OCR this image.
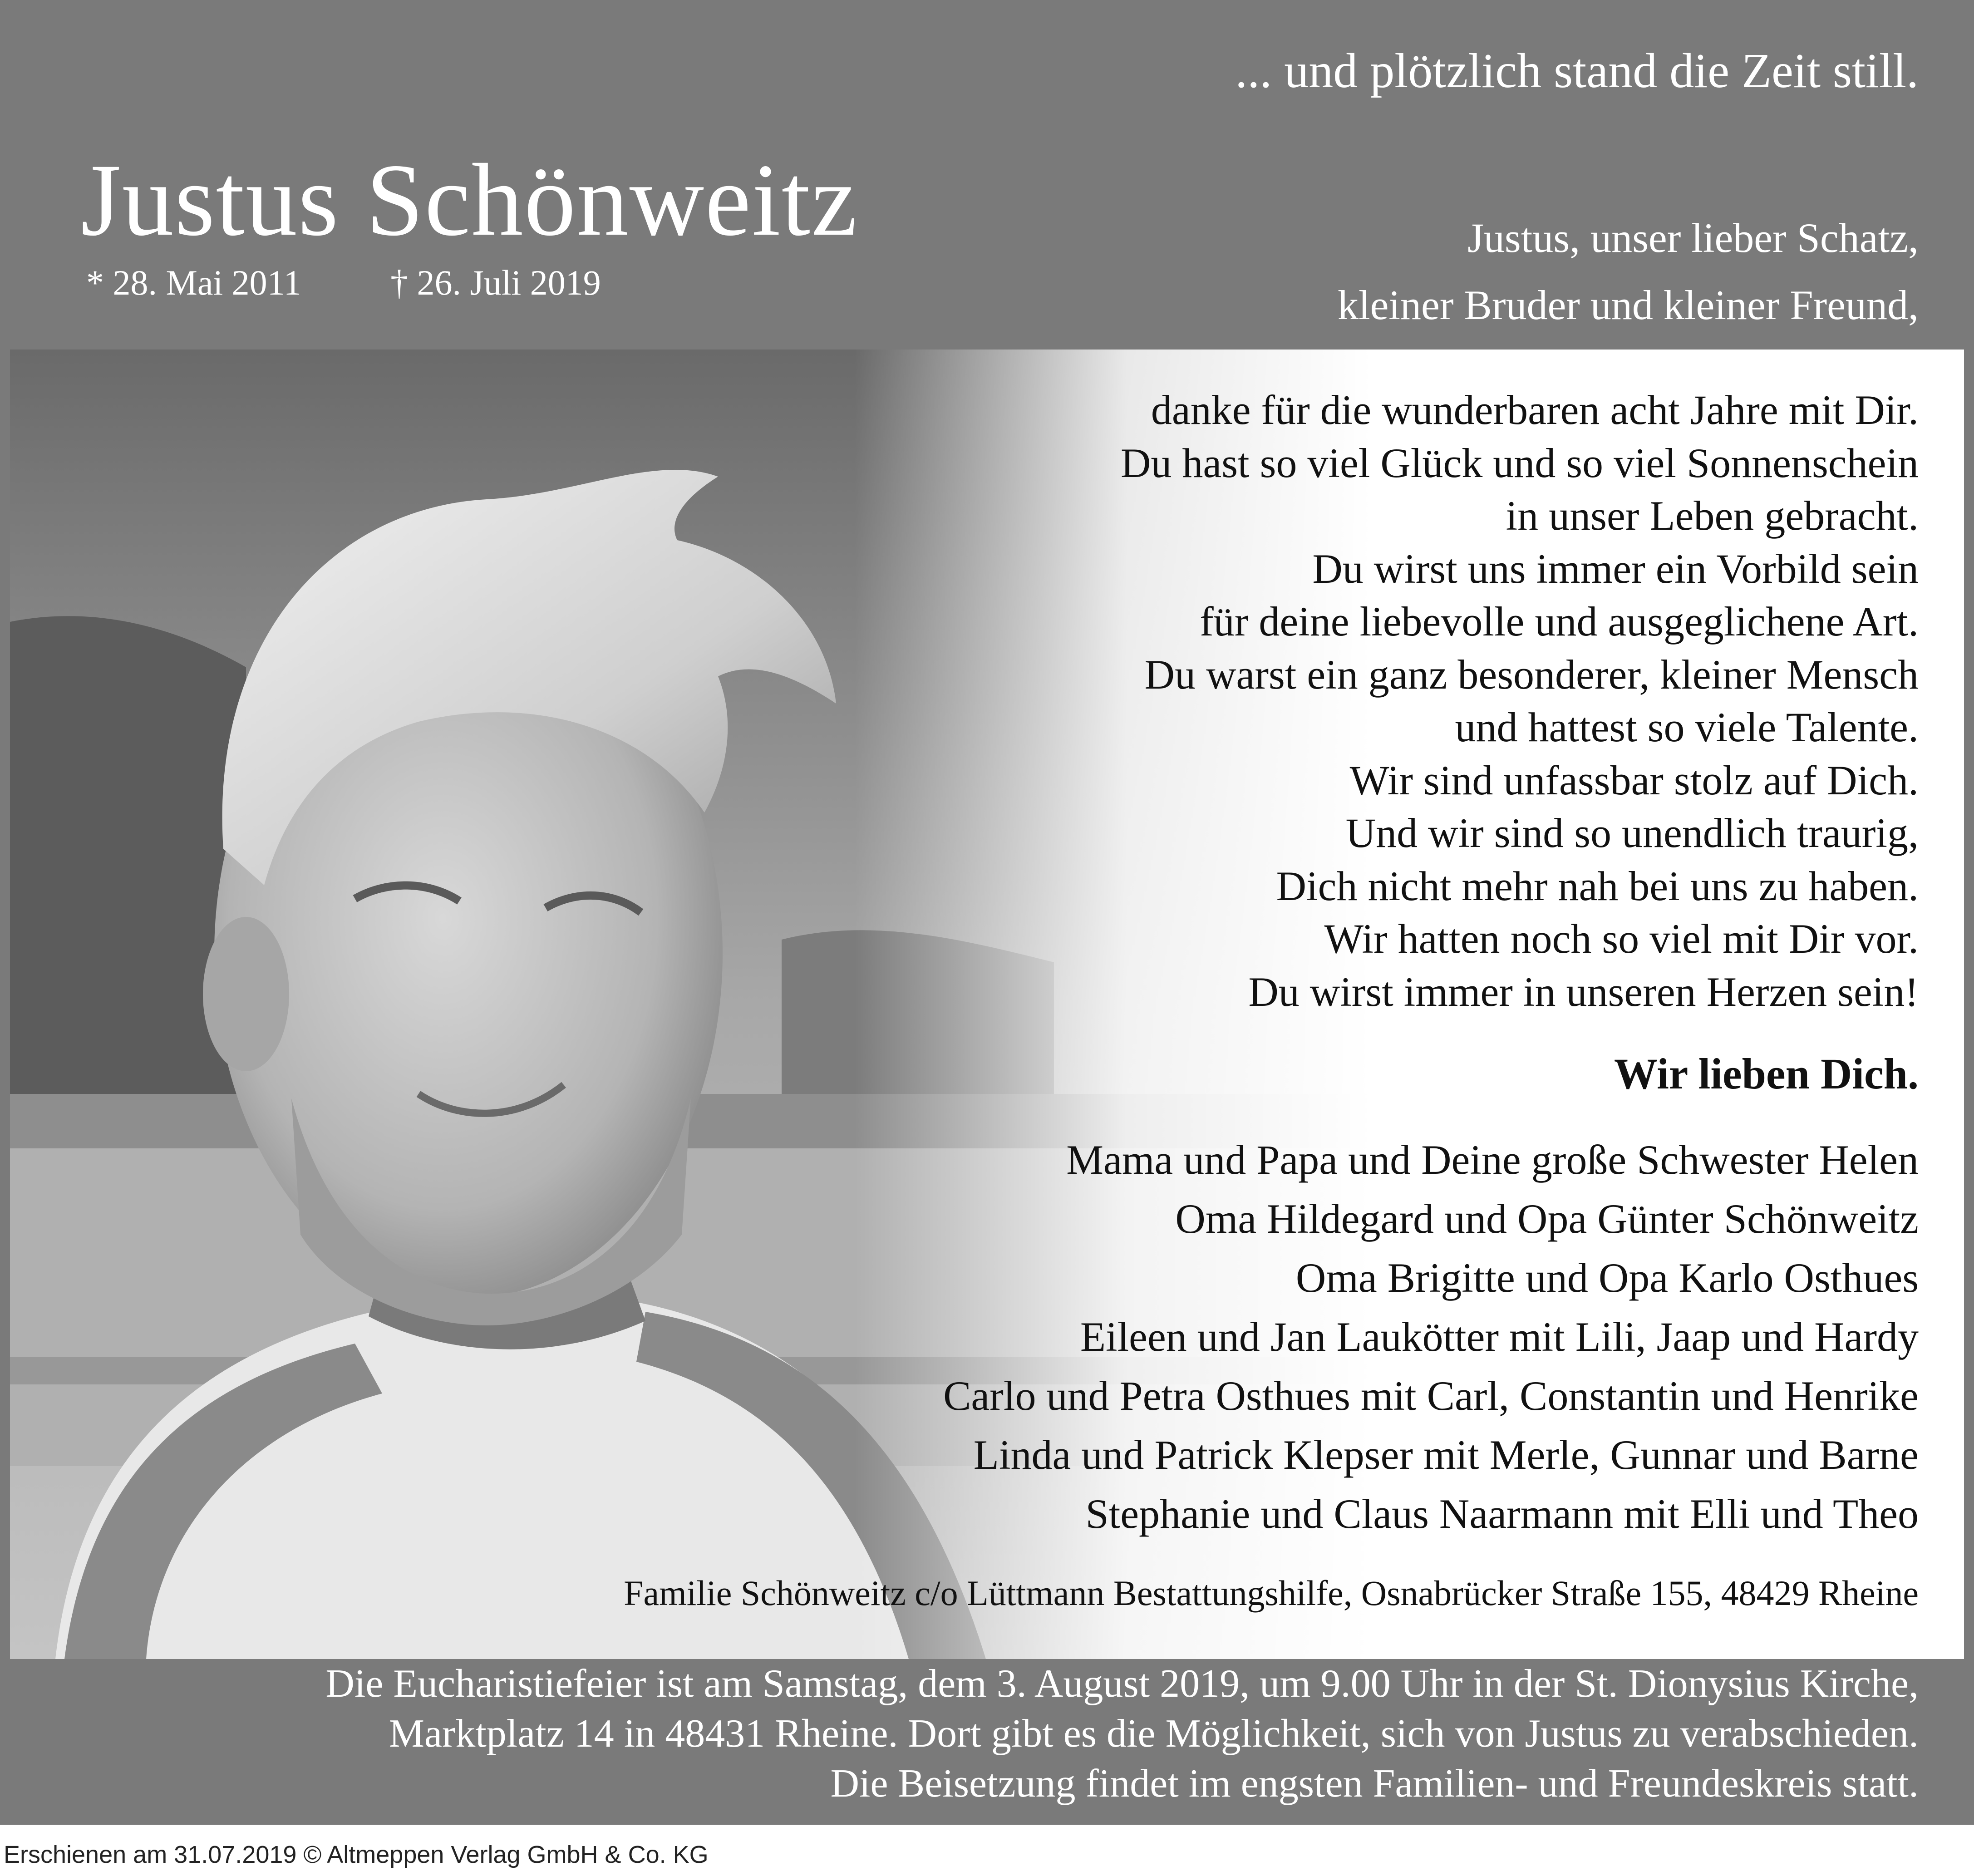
... und plötzlich stand die Zeit still.
Justus Schönweitz
* 28. Mai 2011	† 26. Juli 2019
Justus, unser lieber Schatz,
kleiner Bruder und kleiner Freund,
danke für die wunderbaren acht Jahre mit Dir.
Du hast so viel Glück und so viel Sonnenschein
in unser Leben gebracht.
Du wirst uns immer ein Vorbild sein
für deine liebevolle und ausgeglichene Art.
Du warst ein ganz besonderer, kleiner Mensch
und hattest so viele Talente.
Wir sind unfassbar stolz auf Dich.
Und wir sind so unendlich traurig,
Dich nicht mehr nah bei uns zu haben.
Wir hatten noch so viel mit Dir vor.
Du wirst immer in unseren Herzen sein!
Wir lieben Dich.
Mama und Papa und Deine große Schwester Helen
Oma Hildegard und Opa Günter Schönweitz
Oma Brigitte und Opa Karlo Osthues
Eileen und Jan Laukötter mit Lili, Jaap und Hardy
Carlo und Petra Osthues mit Carl, Constantin und Henrike
Linda und Patrick Klepser mit Merle, Gunnar und Barne
Stephanie und Claus Naarmann mit Elli und Theo
Familie Schönweitz c/o Lüttmann Bestattungshilfe, Osnabrücker Straße 155, 48429 Rheine
Die Eucharistiefeier ist am Samstag, dem 3. August 2019, um 9.00 Uhr in der St. Dionysius Kirche,
Marktplatz 14 in 48431 Rheine. Dort gibt es die Möglichkeit, sich von Justus zu verabschieden.
Die Beisetzung findet im engsten Familien- und Freundeskreis statt.
Erschienen am 31.07.2019 © Altmeppen Verlag GmbH & Co. KG
